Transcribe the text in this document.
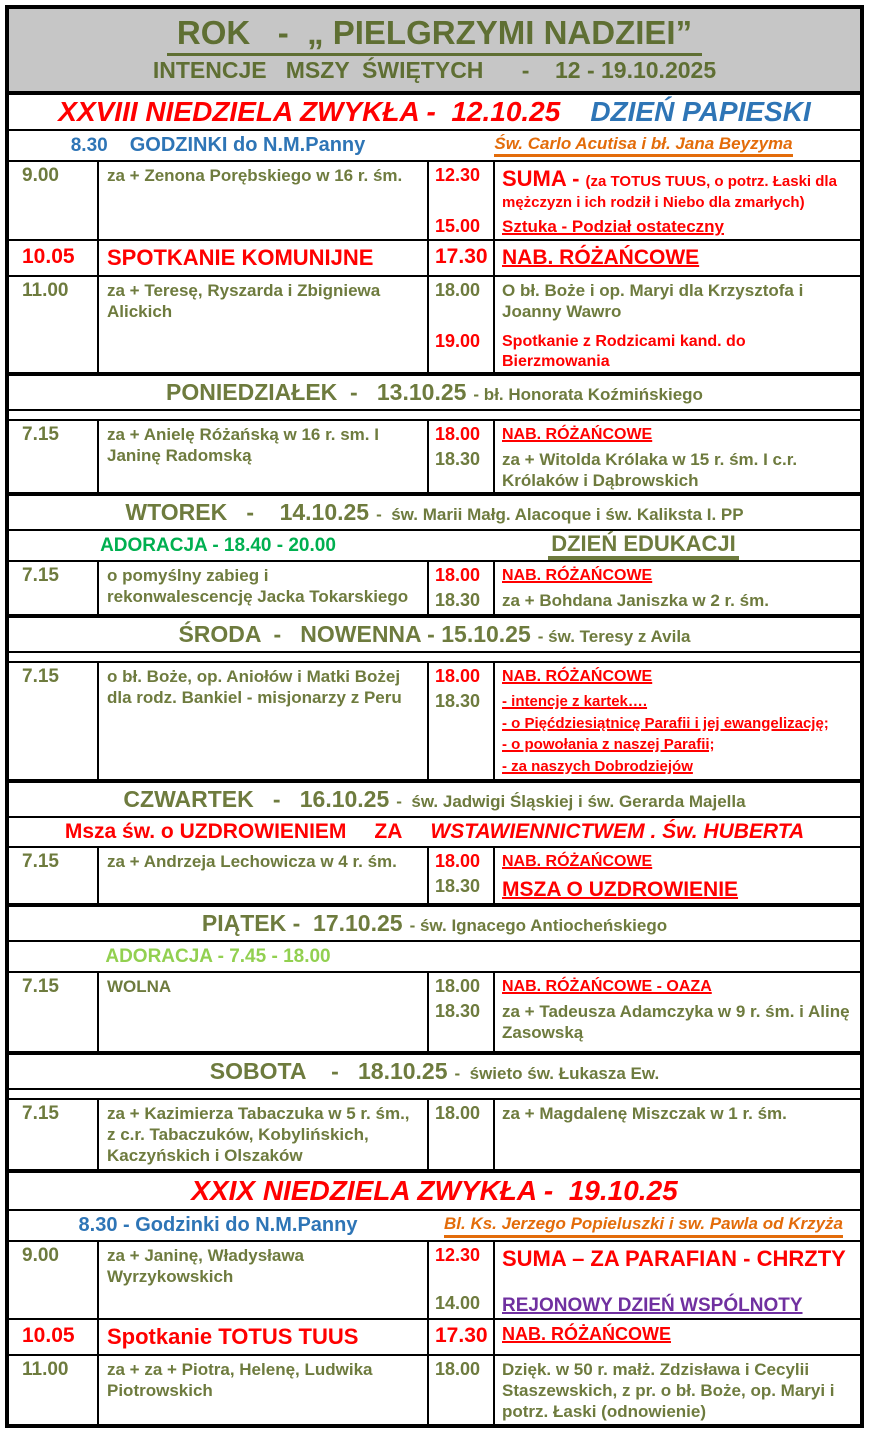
ROK   -  „ PIELGRZYMI NADZIEI”
INTENCJE   MSZY  ŚWIĘTYCH      -    12 - 19.10.2025
XXVIII NIEDZIELA ZWYKŁA -  12.10.25 DZIEŃ PAPIESKI
8.30 GODZINKI do N.M.Panny	Św. Carlo Acutisa i bł. Jana Beyzyma
9.00	za + Zenona Porębskiego w 16 r. śm.	12.30 SUMA - (za TOTUS TUUS, o potrz. Łaski dla mężczyzn i ich rodził i Niebo dla zmarłych)
15.00	Sztuka - Podział ostateczny
10.05	SPOTKANIE KOMUNIJNE	17.30 NAB. RÓŻAŃCOWE
11.00	za + Teresę, Ryszarda i Zbigniewa Alickich
18.00	O bł. Boże i op. Maryi dla Krzysztofa i Joanny Wawro
19.00	Spotkanie z Rodzicami kand. do Bierzmowania
PONIEDZIAŁEK  -   13.10.25 - bł. Honorata Koźmińskiego
7.15	za + Anielę Różańską w 16 r. sm. I Janinę Radomską
18.00	NAB. RÓŻAŃCOWE
18.30	za + Witolda Królaka w 15 r. śm. I c.r. Królaków i Dąbrowskich
WTOREK   -    14.10.25 -  św. Marii Małg. Alacoque i św. Kaliksta I. PP
ADORACJA - 18.40 - 20.00	DZIEŃ EDUKACJI
7.15	o pomyślny zabieg i rekonwalescencję Jacka Tokarskiego
18.00	NAB. RÓŻAŃCOWE
18.30	za + Bohdana Janiszka w 2 r. śm.
ŚRODA  -   NOWENNA - 15.10.25 - św. Teresy z Avila
7.15	o bł. Boże, op. Aniołów i Matki Bożej dla rodz. Bankiel - misjonarzy z Peru
18.00	NAB. RÓŻAŃCOWE
18.30	- intencje z kartek….
- o Pięćdziesiątnicę Parafii i jej ewangelizację;
- o powołania z naszej Parafii;
- za naszych Dobrodziejów
CZWARTEK   -   16.10.25 -  św. Jadwigi Śląskiej i św. Gerarda Majella
Msza św. o UZDROWIENIEM ZA WSTAWIENNICTWEM . Św. HUBERTA
7.15	za + Andrzeja Lechowicza w 4 r. śm.	18.00	NAB. RÓŻAŃCOWE
18.30	MSZA O UZDROWIENIE
PIĄTEK -  17.10.25 - św. Ignacego Antiocheńskiego
ADORACJA - 7.45 - 18.00
7.15	WOLNA	18.00	NAB. RÓŻAŃCOWE - OAZA
18.30	za + Tadeusza Adamczyka w 9 r. śm. i Alinę Zasowską
SOBOTA    -   18.10.25 -  świeto św. Łukasza Ew.
7.15	za + Kazimierza Tabaczuka w 5 r. śm., z c.r. Tabaczuków, Kobylińskich, Kaczyńskich i Olszaków
18.00	za + Magdalenę Miszczak w 1 r. śm.
XXIX NIEDZIELA ZWYKŁA -  19.10.25
8.30 - Godzinki do N.M.Panny	Bl. Ks. Jerzego Popieluszki i sw. Pawla od Krzyża
9.00	za + Janinę, Władysława Wyrzykowskich
12.30 SUMA – ZA PARAFIAN - CHRZTY
14.00	REJONOWY DZIEŃ WSPÓLNOTY
10.05	Spotkanie TOTUS TUUS	17.30 NAB. RÓŻAŃCOWE
11.00	za + za + Piotra, Helenę, Ludwika Piotrowskich
18.00	Dzięk. w 50 r. małż. Zdzisława i Cecylii Staszewskich, z pr. o bł. Boże, op. Maryi i potrz. Łaski (odnowienie)
